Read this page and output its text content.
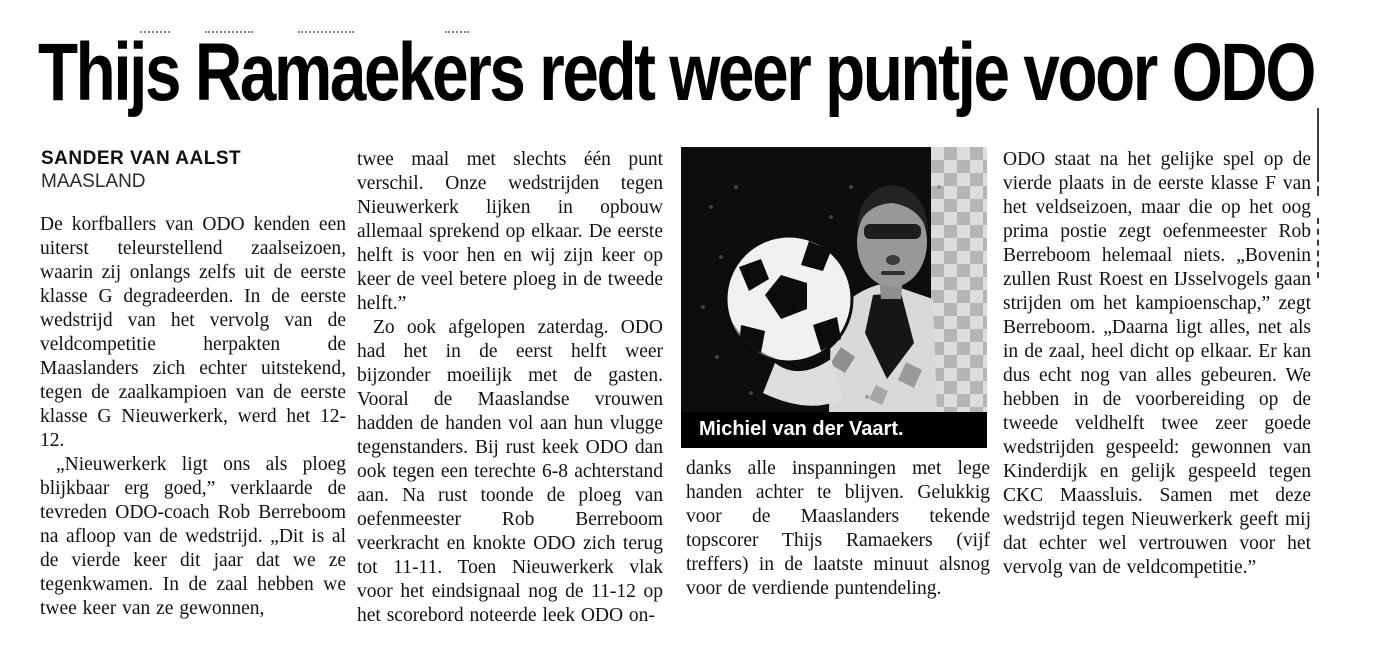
Thijs Ramaekers redt weer puntje voor ODO
SANDER VAN AALST
MAASLAND

De korfballers van ODO kenden een uiterst teleurstellend zaalseizoen, waarin zij onlangs zelfs uit de eerste klasse G degradeerden. In de eerste wedstrijd van het vervolg van de veldcompetitie herpakten de Maaslanders zich echter uitstekend, tegen de zaalkampioen van de eerste klasse G Nieuwerkerk, werd het 12-12.

„Nieuwerkerk ligt ons als ploeg blijkbaar erg goed,” verklaarde de tevreden ODO-coach Rob Berreboom na afloop van de wedstrijd. „Dit is al de vierde keer dit jaar dat we ze tegenkwamen. In de zaal hebben we twee keer van ze gewonnen,

twee maal met slechts één punt verschil. Onze wedstrijden tegen Nieuwerkerk lijken in opbouw allemaal sprekend op elkaar. De eerste helft is voor hen en wij zijn keer op keer de veel betere ploeg in de tweede helft.”

Zo ook afgelopen zaterdag. ODO had het in de eerst helft weer bijzonder moeilijk met de gasten. Vooral de Maaslandse vrouwen hadden de handen vol aan hun vlugge tegenstanders. Bij rust keek ODO dan ook tegen een terechte 6-8 achterstand aan. Na rust toonde de ploeg van oefenmeester Rob Berreboom veerkracht en knokte ODO zich terug tot 11-11. Toen Nieuwerkerk vlak voor het eindsignaal nog de 11-12 op het scorebord noteerde leek ODO on-

Michiel van der Vaart.

danks alle inspanningen met lege handen achter te blijven. Gelukkig voor de Maaslanders tekende topscorer Thijs Ramaekers (vijf treffers) in de laatste minuut alsnog voor de verdiende puntendeling.

ODO staat na het gelijke spel op de vierde plaats in de eerste klasse F van het veldseizoen, maar die op het oog prima postie zegt oefenmeester Rob Berreboom helemaal niets. „Bovenin zullen Rust Roest en IJsselvogels gaan strijden om het kampioenschap,” zegt Berreboom. „Daarna ligt alles, net als in de zaal, heel dicht op elkaar. Er kan dus echt nog van alles gebeuren. We hebben in de voorbereiding op de tweede veldhelft twee zeer goede wedstrijden gespeeld: gewonnen van Kinderdijk en gelijk gespeeld tegen CKC Maassluis. Samen met deze wedstrijd tegen Nieuwerkerk geeft mij dat echter wel vertrouwen voor het vervolg van de veldcompetitie.”
